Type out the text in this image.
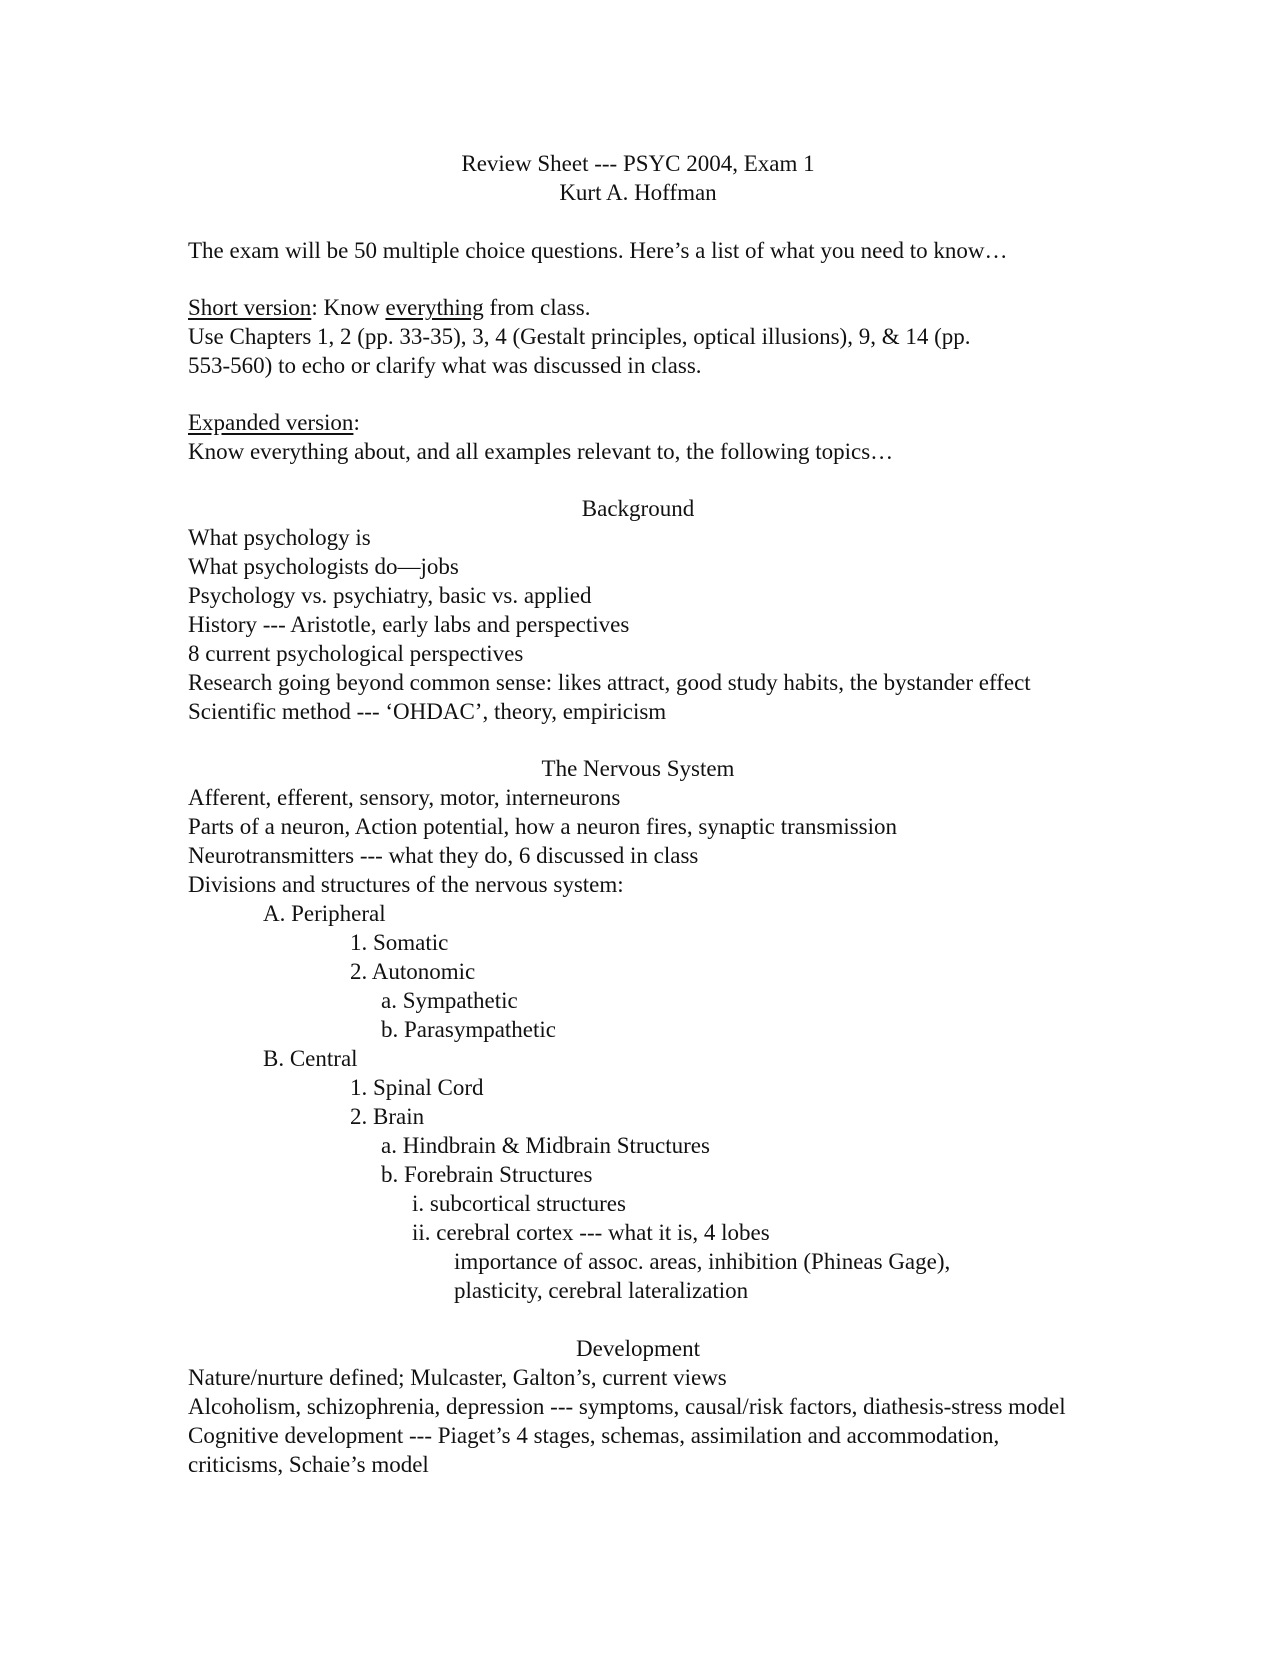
Review Sheet --- PSYC 2004, Exam 1
Kurt A. Hoffman
The exam will be 50 multiple choice questions. Here’s a list of what you need to know…
Short version: Know everything from class.
Use Chapters 1, 2 (pp. 33-35), 3, 4 (Gestalt principles, optical illusions), 9, & 14 (pp.
553-560) to echo or clarify what was discussed in class.
Expanded version:
Know everything about, and all examples relevant to, the following topics…
Background
What psychology is
What psychologists do—jobs
Psychology vs. psychiatry, basic vs. applied
History --- Aristotle, early labs and perspectives
8 current psychological perspectives
Research going beyond common sense: likes attract, good study habits, the bystander effect
Scientific method --- ‘OHDAC’, theory, empiricism
The Nervous System
Afferent, efferent, sensory, motor, interneurons
Parts of a neuron, Action potential, how a neuron fires, synaptic transmission
Neurotransmitters --- what they do, 6 discussed in class
Divisions and structures of the nervous system:
A. Peripheral
1. Somatic
2. Autonomic
a. Sympathetic
b. Parasympathetic
B. Central
1. Spinal Cord
2. Brain
a. Hindbrain & Midbrain Structures
b. Forebrain Structures
i. subcortical structures
ii. cerebral cortex --- what it is, 4 lobes
importance of assoc. areas, inhibition (Phineas Gage),
plasticity, cerebral lateralization
Development
Nature/nurture defined; Mulcaster, Galton’s, current views
Alcoholism, schizophrenia, depression --- symptoms, causal/risk factors, diathesis-stress model
Cognitive development --- Piaget’s 4 stages, schemas, assimilation and accommodation,
criticisms, Schaie’s model
